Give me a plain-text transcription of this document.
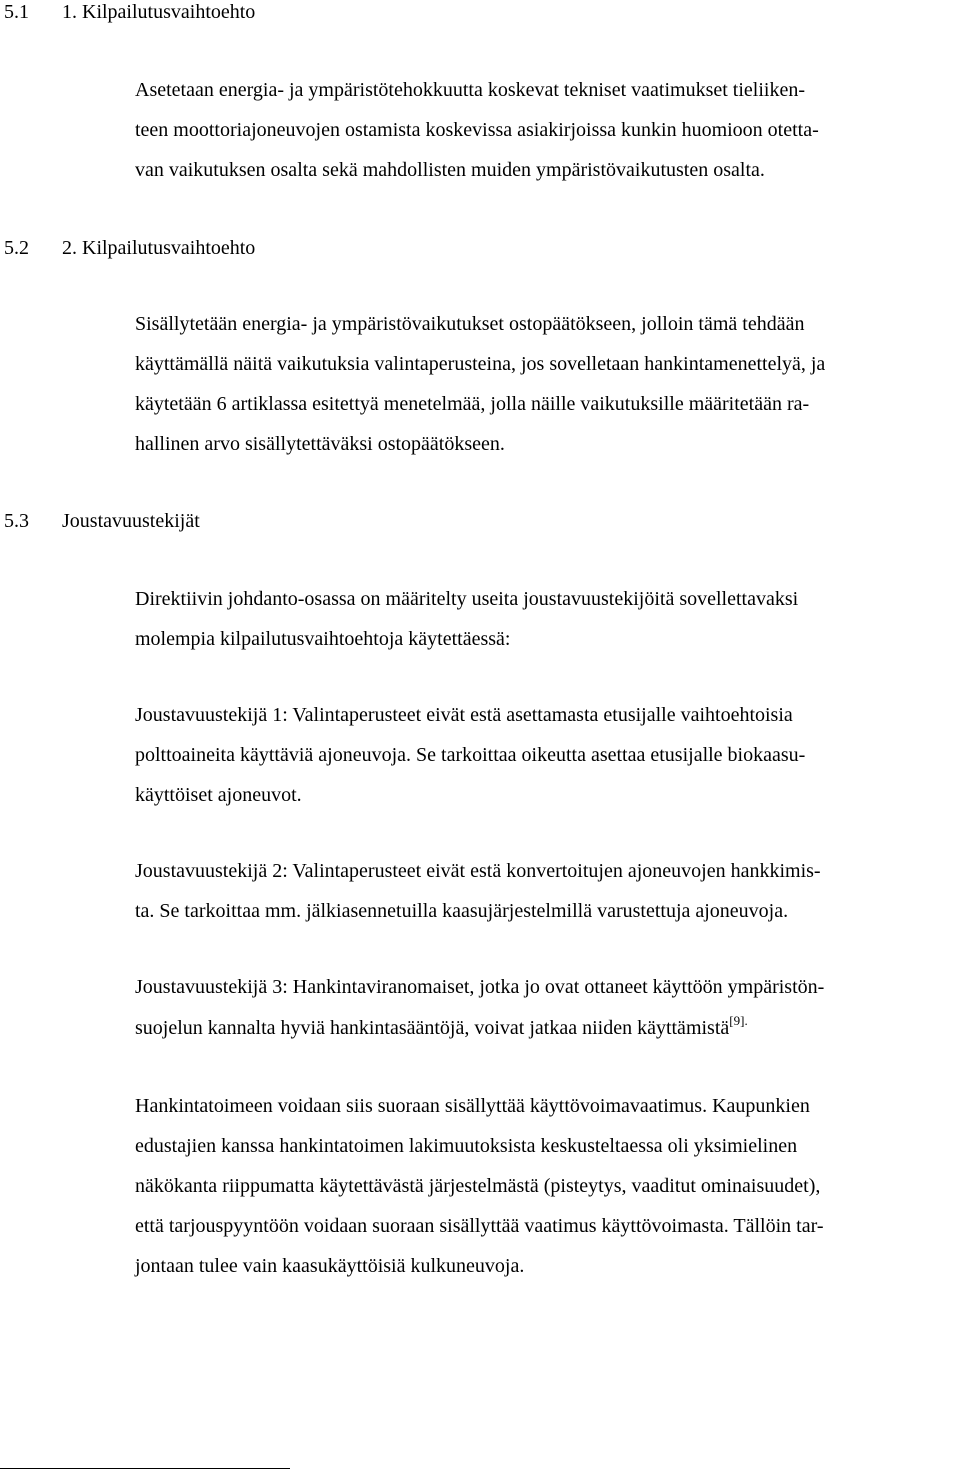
5.1 1. Kilpailutusvaihtoehto
Asetetaan energia- ja ympäristötehokkuutta koskevat tekniset vaatimukset tieliiken-
teen moottoriajoneuvojen ostamista koskevissa asiakirjoissa kunkin huomioon otetta-
van vaikutuksen osalta sekä mahdollisten muiden ympäristövaikutusten osalta.
5.2 2. Kilpailutusvaihtoehto
Sisällytetään energia- ja ympäristövaikutukset ostopäätökseen, jolloin tämä tehdään
käyttämällä näitä vaikutuksia valintaperusteina, jos sovelletaan hankintamenettelyä, ja
käytetään 6 artiklassa esitettyä menetelmää, jolla näille vaikutuksille määritetään ra-
hallinen arvo sisällytettäväksi ostopäätökseen.
5.3 Joustavuustekijät
Direktiivin johdanto-osassa on määritelty useita joustavuustekijöitä sovellettavaksi
molempia kilpailutusvaihtoehtoja käytettäessä:
Joustavuustekijä 1: Valintaperusteet eivät estä asettamasta etusijalle vaihtoehtoisia
polttoaineita käyttäviä ajoneuvoja. Se tarkoittaa oikeutta asettaa etusijalle biokaasu-
käyttöiset ajoneuvot.
Joustavuustekijä 2: Valintaperusteet eivät estä konvertoitujen ajoneuvojen hankkimis-
ta. Se tarkoittaa mm. jälkiasennetuilla kaasujärjestelmillä varustettuja ajoneuvoja.
Joustavuustekijä 3: Hankintaviranomaiset, jotka jo ovat ottaneet käyttöön ympäristön-
suojelun kannalta hyviä hankintasääntöjä, voivat jatkaa niiden käyttämistä$^{[9].}$
Hankintatoimeen voidaan siis suoraan sisällyttää käyttövoimavaatimus. Kaupunkien
edustajien kanssa hankintatoimen lakimuutoksista keskusteltaessa oli yksimielinen
näkökanta riippumatta käytettävästä järjestelmästä (pisteytys, vaaditut ominaisuudet),
että tarjouspyyntöön voidaan suoraan sisällyttää vaatimus käyttövoimasta. Tällöin tar-
jontaan tulee vain kaasukäyttöisiä kulkuneuvoja.
